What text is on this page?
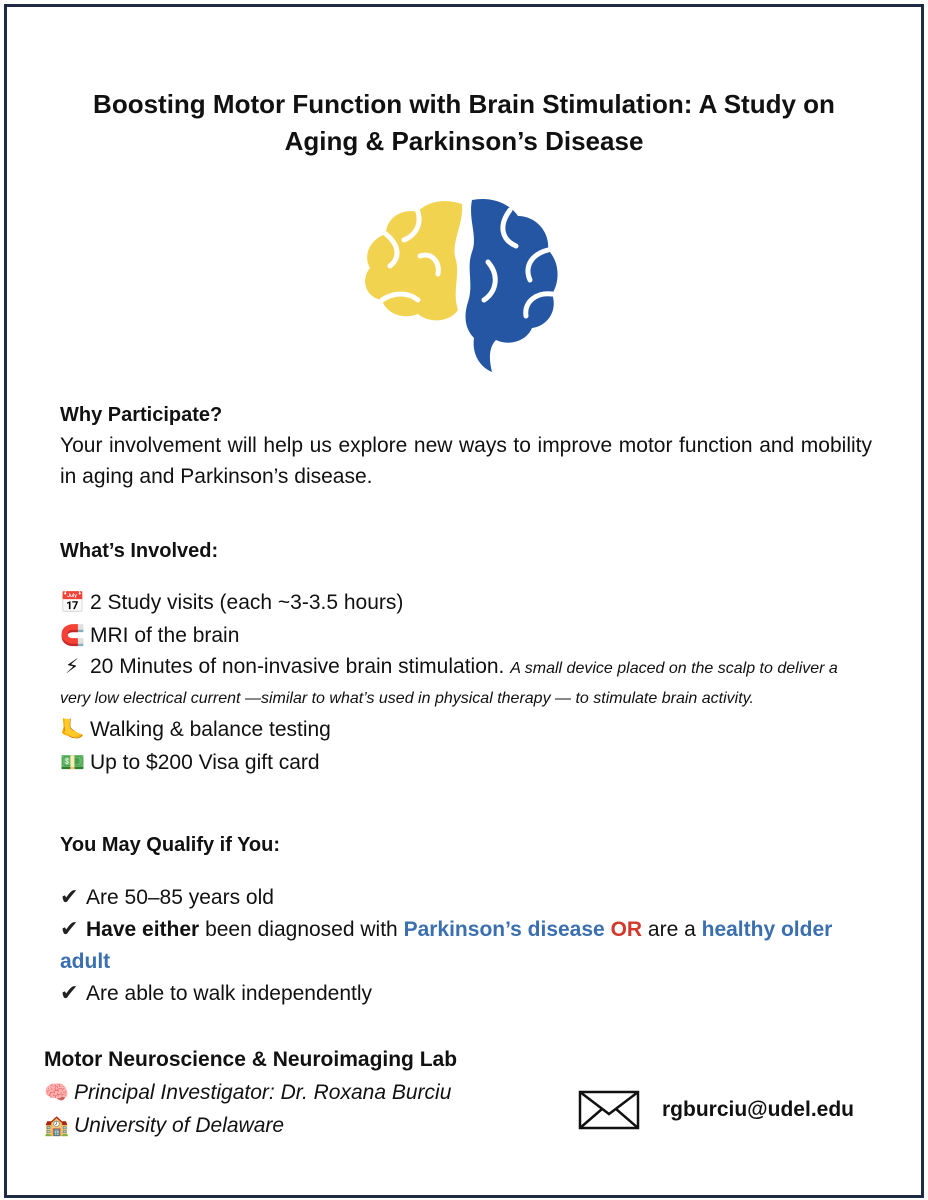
Boosting Motor Function with Brain Stimulation: A Study on Aging & Parkinson’s Disease

Why Participate?

Your involvement will help us explore new ways to improve motor function and mobility in aging and Parkinson’s disease.

What’s Involved:

📅 2 Study visits (each ~3-3.5 hours)

🧲 MRI of the brain

⚡ 20 Minutes of non-invasive brain stimulation. A small device placed on the scalp to deliver a very low electrical current —similar to what’s used in physical therapy — to stimulate brain activity.

🦶 Walking & balance testing

💵 Up to $200 Visa gift card

You May Qualify if You:

✔ Are 50–85 years old

✔ Have either been diagnosed with Parkinson’s disease OR are a healthy older adult

✔ Are able to walk independently

Motor Neuroscience & Neuroimaging Lab

🧠 Principal Investigator: Dr. Roxana Burciu

🏫 University of Delaware

rgburciu@udel.edu
